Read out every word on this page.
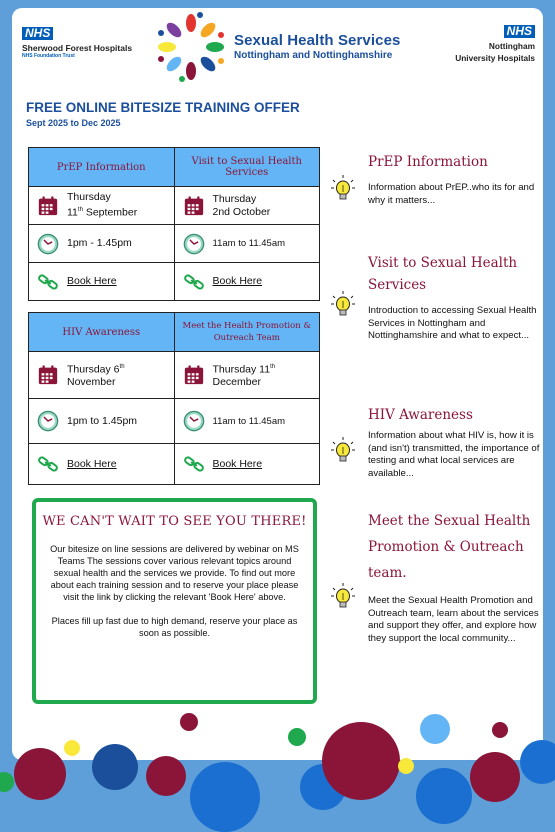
NHS
Sherwood Forest Hospitals
NHS Foundation Trust
Sexual Health Services
Nottingham and Nottinghamshire
NHS
Nottingham
University Hospitals
FREE ONLINE BITESIZE TRAINING OFFER
Sept 2025 to Dec 2025
PrEP Information	Visit to Sexual Health Services

Thursday
11th September	Thursday
2nd October

1pm - 1.45pm	11am to 11.45am

Book Here	Book Here
HIV Awareness	Meet the Health Promotion & Outreach Team

Thursday 6th
November	Thursday 11th
December

1pm to 1.45pm	11am to 11.45am

Book Here	Book Here
PrEP Information
Information about PrEP..who its for and why it matters...
Visit to Sexual Health Services
Introduction to accessing Sexual Health Services in Nottingham and Nottinghamshire and what to expect...
HIV Awareness
Information about what HIV is, how it is (and isn't) transmitted, the importance of testing and what local services are available...
Meet the Sexual Health Promotion & Outreach team.
Meet the Sexual Health Promotion and Outreach team, learn about the services and support they offer, and explore how they support the local community...
WE CAN'T WAIT TO SEE YOU THERE!
Our bitesize on line sessions are delivered by webinar on MS Teams The sessions cover various relevant topics around sexual health and the services we provide. To find out more about each training session and to reserve your place please visit the link by clicking the relevant 'Book Here' above.
Places fill up fast due to high demand, reserve your place as soon as possible.
